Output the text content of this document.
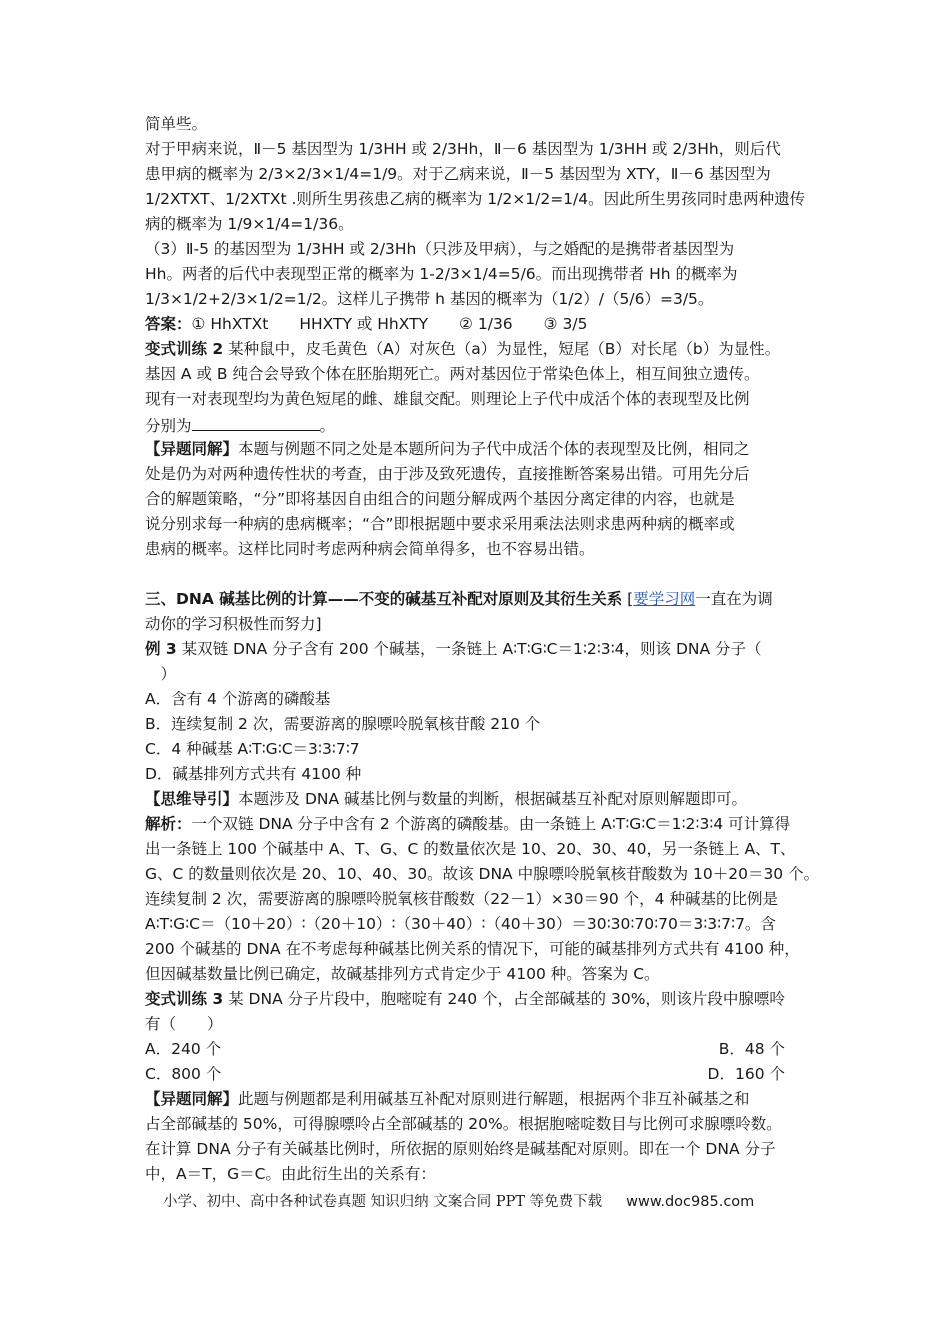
简单些。
对于甲病来说，Ⅱ－5 基因型为 1/3HH 或 2/3Hh，Ⅱ－6 基因型为 1/3HH 或 2/3Hh，则后代
患甲病的概率为 2/3×2/3×1/4=1/9。对于乙病来说，Ⅱ－5 基因型为 XTY，Ⅱ－6 基因型为
1/2XTXT、1/2XTXt .则所生男孩患乙病的概率为 1/2×1/2=1/4。因此所生男孩同时患两种遗传
病的概率为 1/9×1/4=1/36。
（3）Ⅱ-5 的基因型为 1/3HH 或 2/3Hh（只涉及甲病），与之婚配的是携带者基因型为
Hh。两者的后代中表现型正常的概率为 1-2/3×1/4=5/6。而出现携带者 Hh 的概率为
1/3×1/2+2/3×1/2=1/2。这样儿子携带 h 基因的概率为（1/2）/（5/6）=3/5。
答案：① HhXTXt　　HHXTY 或 HhXTY　　② 1/36　　③ 3/5
变式训练 2 某种鼠中，皮毛黄色（A）对灰色（a）为显性，短尾（B）对长尾（b）为显性。
基因 A 或 B 纯合会导致个体在胚胎期死亡。两对基因位于常染色体上，相互间独立遗传。
现有一对表现型均为黄色短尾的雌、雄鼠交配。则理论上子代中成活个体的表现型及比例
分别为	。
【异题同解】本题与例题不同之处是本题所问为子代中成活个体的表现型及比例，相同之
处是仍为对两种遗传性状的考查，由于涉及致死遗传，直接推断答案易出错。可用先分后
合的解题策略，“分”即将基因自由组合的问题分解成两个基因分离定律的内容，也就是
说分别求每一种病的患病概率；“合”即根据题中要求采用乘法法则求患两种病的概率或
患病的概率。这样比同时考虑两种病会简单得多，也不容易出错。
三、DNA 碱基比例的计算——不变的碱基互补配对原则及其衍生关系 [要学习网一直在为调
动你的学习积极性而努力]
例 3 某双链 DNA 分子含有 200 个碱基，一条链上 A∶T∶G∶C＝1∶2∶3∶4，则该 DNA 分子（
　）
A．含有 4 个游离的磷酸基
B．连续复制 2 次，需要游离的腺嘌呤脱氧核苷酸 210 个
C．4 种碱基 A∶T∶G∶C＝3∶3∶7∶7
D．碱基排列方式共有 4100 种
【思维导引】本题涉及 DNA 碱基比例与数量的判断，根据碱基互补配对原则解题即可。
解析：一个双链 DNA 分子中含有 2 个游离的磷酸基。由一条链上 A∶T∶G∶C＝1∶2∶3∶4 可计算得
出一条链上 100 个碱基中 A、T、G、C 的数量依次是 10、20、30、40，另一条链上 A、T、
G、C 的数量则依次是 20、10、40、30。故该 DNA 中腺嘌呤脱氧核苷酸数为 10＋20＝30 个。
连续复制 2 次，需要游离的腺嘌呤脱氧核苷酸数（22－1）×30＝90 个，4 种碱基的比例是
A∶T∶G∶C＝（10＋20）∶（20＋10）∶（30＋40）∶（40＋30）＝30∶30∶70∶70＝3∶3∶7∶7。含
200 个碱基的 DNA 在不考虑每种碱基比例关系的情况下，可能的碱基排列方式共有 4100 种，
但因碱基数量比例已确定，故碱基排列方式肯定少于 4100 种。答案为 C。
变式训练 3 某 DNA 分子片段中，胞嘧啶有 240 个，占全部碱基的 30%，则该片段中腺嘌呤
有（　　）
A．240 个	B．48 个
C．800 个	D．160 个
【异题同解】此题与例题都是利用碱基互补配对原则进行解题，根据两个非互补碱基之和
占全部碱基的 50%，可得腺嘌呤占全部碱基的 20%。根据胞嘧啶数目与比例可求腺嘌呤数。
在计算 DNA 分子有关碱基比例时，所依据的原则始终是碱基配对原则。即在一个 DNA 分子
中，A＝T，G＝C。由此衍生出的关系有：
小学、初中、高中各种试卷真题 知识归纳 文案合同 PPT 等免费下载 www.doc985.com
